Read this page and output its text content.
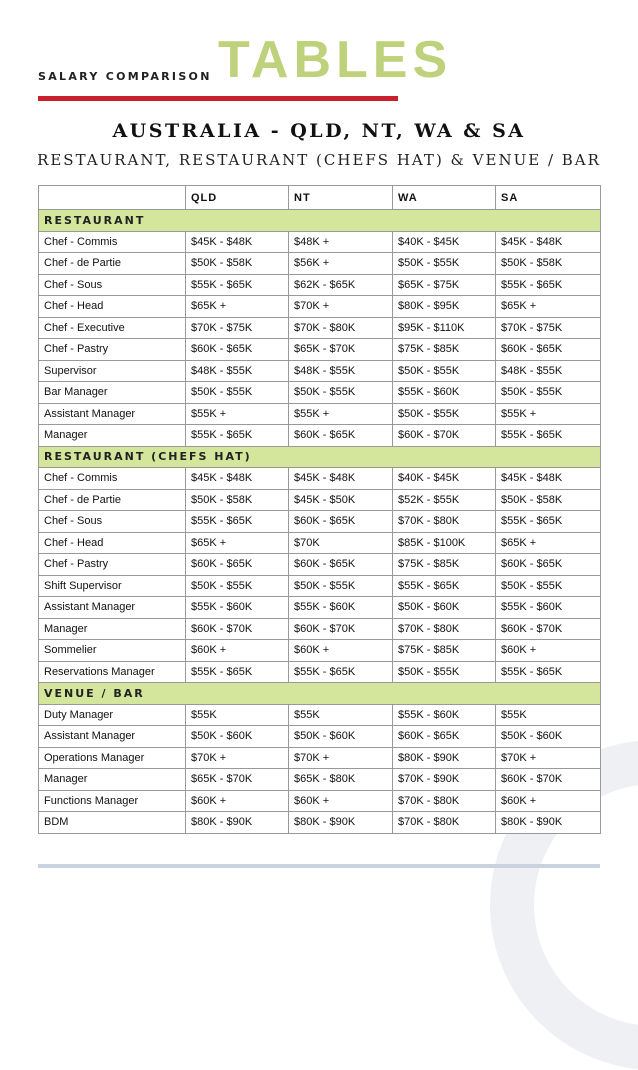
SALARY COMPARISON TABLES
AUSTRALIA - QLD, NT, WA & SA
RESTAURANT, RESTAURANT (CHEFS HAT) & VENUE / BAR
	QLD	NT	WA	SA
RESTAURANT				
Chef - Commis	$45K - $48K	$48K +	$40K - $45K	$45K - $48K
Chef - de Partie	$50K - $58K	$56K +	$50K - $55K	$50K - $58K
Chef - Sous	$55K - $65K	$62K - $65K	$65K - $75K	$55K - $65K
Chef - Head	$65K +	$70K +	$80K - $95K	$65K +
Chef - Executive	$70K - $75K	$70K - $80K	$95K - $110K	$70K - $75K
Chef - Pastry	$60K - $65K	$65K - $70K	$75K - $85K	$60K - $65K
Supervisor	$48K - $55K	$48K - $55K	$50K - $55K	$48K - $55K
Bar Manager	$50K - $55K	$50K - $55K	$55K - $60K	$50K - $55K
Assistant Manager	$55K +	$55K +	$50K - $55K	$55K +
Manager	$55K - $65K	$60K - $65K	$60K - $70K	$55K - $65K
RESTAURANT (CHEFS HAT)				
Chef - Commis	$45K - $48K	$45K - $48K	$40K - $45K	$45K - $48K
Chef - de Partie	$50K - $58K	$45K - $50K	$52K - $55K	$50K - $58K
Chef - Sous	$55K - $65K	$60K - $65K	$70K - $80K	$55K - $65K
Chef - Head	$65K +	$70K	$85K - $100K	$65K +
Chef - Pastry	$60K - $65K	$60K - $65K	$75K - $85K	$60K - $65K
Shift Supervisor	$50K - $55K	$50K - $55K	$55K - $65K	$50K - $55K
Assistant Manager	$55K - $60K	$55K - $60K	$50K - $60K	$55K - $60K
Manager	$60K - $70K	$60K - $70K	$70K - $80K	$60K - $70K
Sommelier	$60K +	$60K +	$75K - $85K	$60K +
Reservations Manager	$55K - $65K	$55K - $65K	$50K - $55K	$55K - $65K
VENUE / BAR				
Duty Manager	$55K	$55K	$55K - $60K	$55K
Assistant Manager	$50K - $60K	$50K - $60K	$60K - $65K	$50K - $60K
Operations Manager	$70K +	$70K +	$80K - $90K	$70K +
Manager	$65K - $70K	$65K - $80K	$70K - $90K	$60K - $70K
Functions Manager	$60K +	$60K +	$70K - $80K	$60K +
BDM	$80K - $90K	$80K - $90K	$70K - $80K	$80K - $90K
